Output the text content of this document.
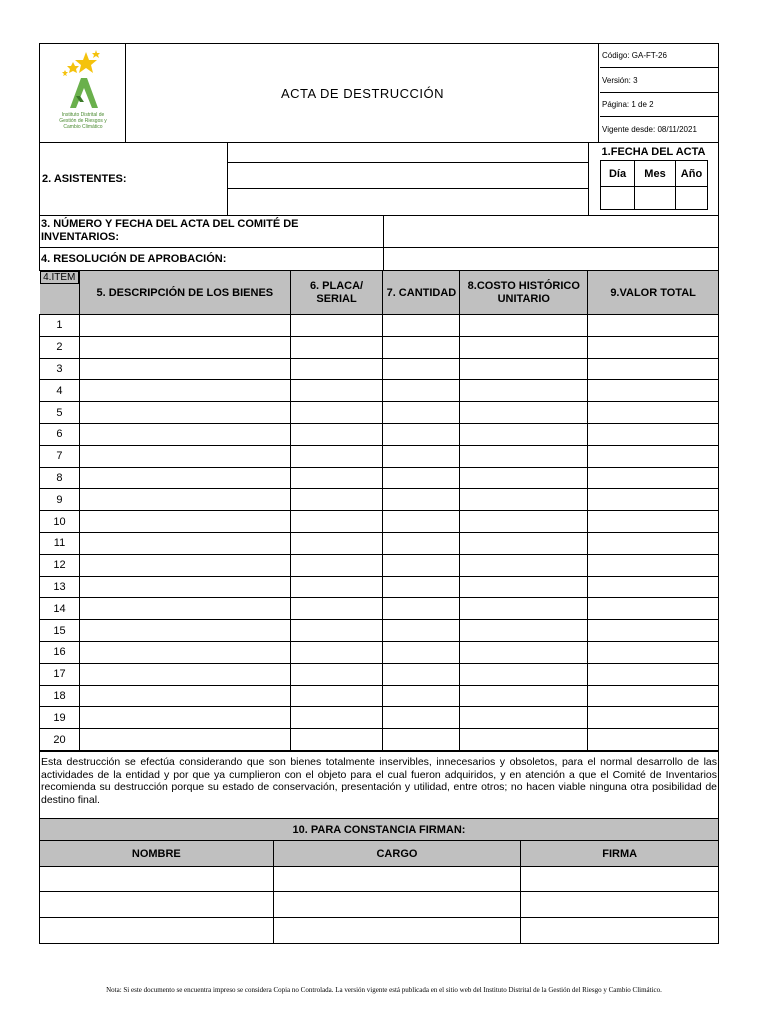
Instituto Distrital de Gestión de Riesgos y Cambio Climático
ACTA DE DESTRUCCIÓN
Código: GA-FT-26
Versión: 3
Página: 1 de 2
Vigente desde: 08/11/2021
2. ASISTENTES:
1.FECHA DEL ACTA
Día	Mes	Año
3. NÚMERO Y FECHA DEL ACTA DEL COMITÉ DE INVENTARIOS:
4. RESOLUCIÓN DE APROBACIÓN:
4.ITEM
5. DESCRIPCIÓN DE LOS BIENES	6. PLACA/ SERIAL	7. CANTIDAD	8.COSTO HISTÓRICO UNITARIO	9.VALOR TOTAL
1					
2					
3					
4					
5					
6					
7					
8					
9					
10					
11					
12					
13					
14					
15					
16					
17					
18					
19					
20					
Esta destrucción se efectúa considerando que son bienes totalmente inservibles, innecesarios y obsoletos, para el normal desarrollo de las actividades de la entidad y por que ya cumplieron con el objeto para el cual fueron adquiridos, y en atención a que el Comité de Inventarios recomienda su destrucción porque su estado de conservación, presentación y utilidad, entre otros; no hacen viable ninguna otra posibilidad de destino final.
10. PARA CONSTANCIA FIRMAN:		
NOMBRE	CARGO	FIRMA

Nota: Si este documento se encuentra impreso se considera Copia no Controlada. La versión vigente está publicada en el sitio web del Instituto Distrital de la Gestión del Riesgo y Cambio Climático.
